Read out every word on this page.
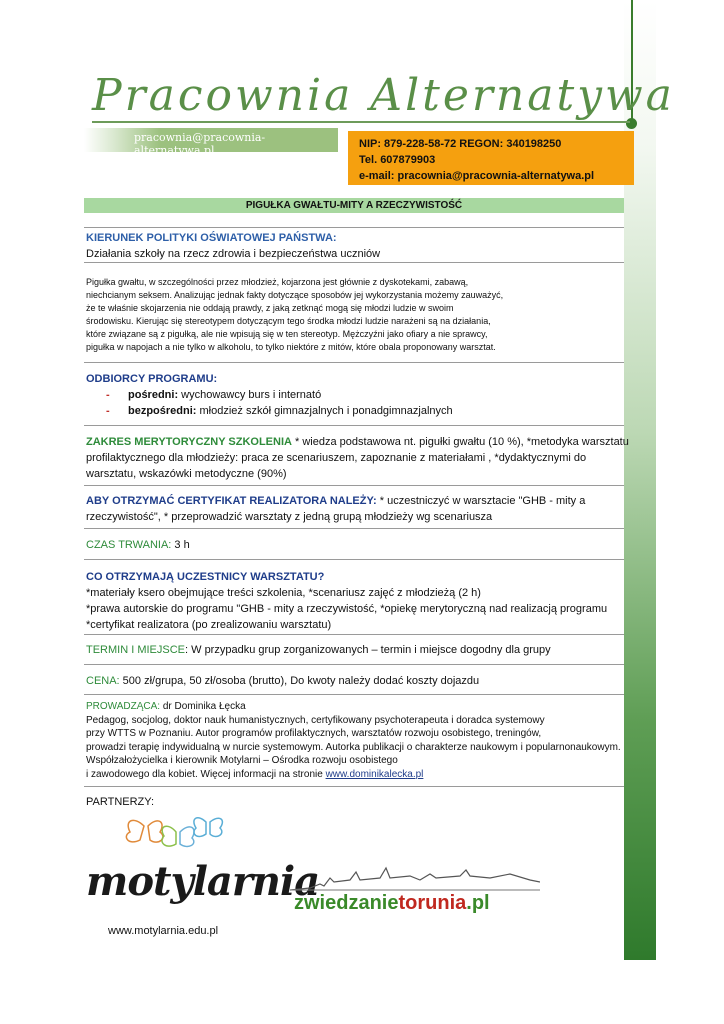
Pracownia Alternatywa
pracownia@pracownia-alternatywa.pl	NIP: 879-228-58-72 REGON: 340198250
Tel. 607879903
e-mail: pracownia@pracownia-alternatywa.pl
PIGUŁKA GWAŁTU-MITY A RZECZYWISTOŚĆ
KIERUNEK POLITYKI OŚWIATOWEJ PAŃSTWA:
Działania szkoły na rzecz zdrowia i bezpieczeństwa uczniów
Pigułka gwałtu, w szczególności przez młodzież, kojarzona jest głównie z dyskotekami, zabawą,
niechcianym seksem. Analizując jednak fakty dotyczące sposobów jej wykorzystania możemy zauważyć,
że te właśnie skojarzenia nie oddają prawdy, z jaką zetknąć mogą się młodzi ludzie w swoim
środowisku. Kierując się stereotypem dotyczącym tego środka młodzi ludzie narażeni są na działania,
które związane są z pigułką, ale nie wpisują się w ten stereotyp. Mężczyźni jako ofiary a nie sprawcy,
pigułka w napojach a nie tylko w alkoholu, to tylko niektóre z mitów, które obala proponowany warsztat.
ODBIORCY PROGRAMU:
- pośredni: wychowawcy burs i internató
- bezpośredni: młodzież szkół gimnazjalnych i ponadgimnazjalnych
ZAKRES MERYTORYCZNY SZKOLENIA * wiedza podstawowa nt. pigułki gwałtu (10 %), *metodyka warsztatu
profilaktycznego dla młodzieży: praca ze scenariuszem, zapoznanie z materiałami , *dydaktycznymi do
warsztatu, wskazówki metodyczne (90%)
ABY OTRZYMAĆ CERTYFIKAT REALIZATORA NALEŻY: * uczestniczyć w warsztacie "GHB - mity a
rzeczywistość", * przeprowadzić warsztaty z jedną grupą młodzieży wg scenariusza
CZAS TRWANIA: 3 h
CO OTRZYMAJĄ UCZESTNICY WARSZTATU?
*materiały ksero obejmujące treści szkolenia, *scenariusz zajęć z młodzieżą (2 h)
*prawa autorskie do programu "GHB - mity a rzeczywistość, *opiekę merytoryczną nad realizacją programu
*certyfikat realizatora (po zrealizowaniu warsztatu)
TERMIN I MIEJSCE: W przypadku grup zorganizowanych – termin i miejsce dogodny dla grupy
CENA: 500 zł/grupa, 50 zł/osoba (brutto), Do kwoty należy dodać koszty dojazdu
PROWADZĄCA: dr Dominika Łęcka
Pedagog, socjolog, doktor nauk humanistycznych, certyfikowany psychoterapeuta i doradca systemowy
przy WTTS w Poznaniu. Autor programów profilaktycznych, warsztatów rozwoju osobistego, treningów,
prowadzi terapię indywidualną w nurcie systemowym. Autorka publikacji o charakterze naukowym i popularnonaukowym.
Współzałożycielka i kierownik Motylarni – Ośrodka rozwoju osobistego
i zawodowego dla kobiet. Więcej informacji na stronie www.dominikalecka.pl
PARTNERZY:
motylarnia
www.motylarnia.edu.pl
zwiedzanietorunia.pl
